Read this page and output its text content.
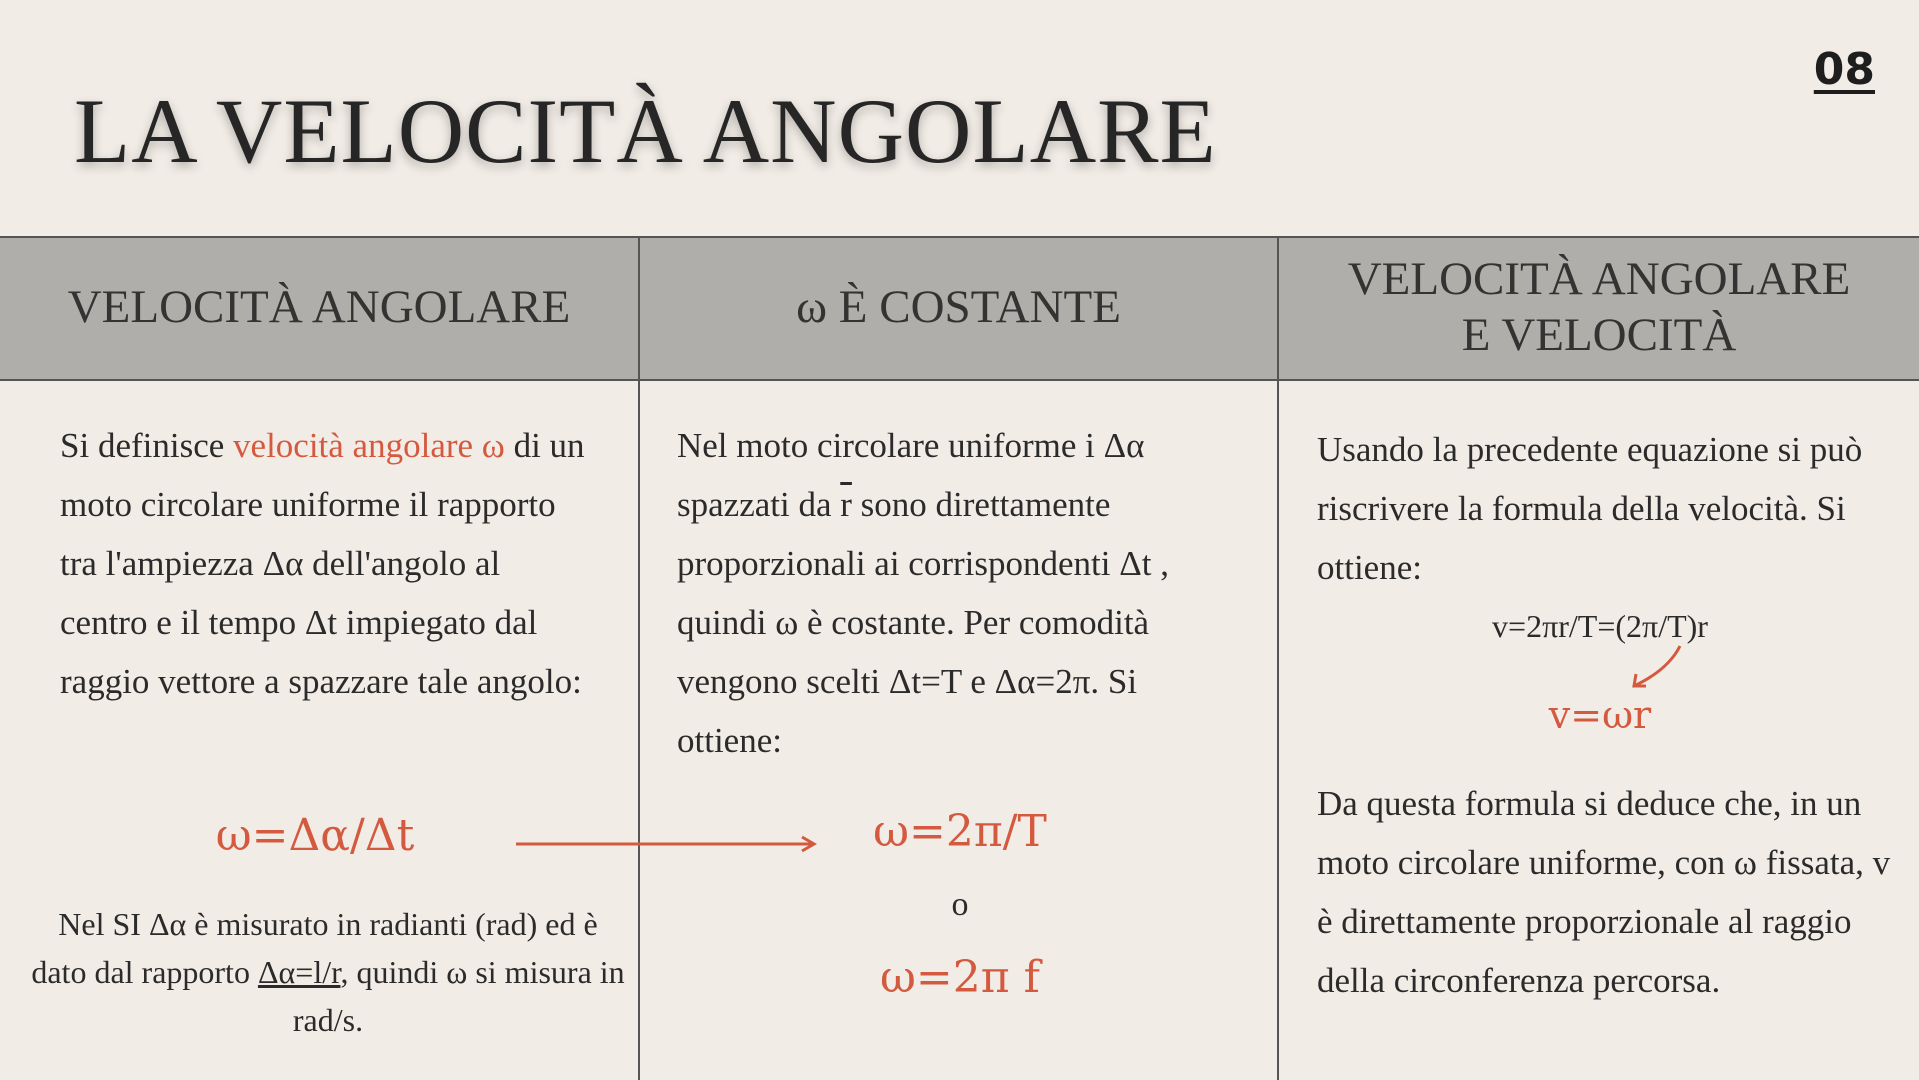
08
LA VELOCITÀ ANGOLARE
VELOCITÀ ANGOLARE
Si definisce velocità angolare ω di un moto circolare uniforme il rapporto tra l'ampiezza Δα dell'angolo al centro e il tempo Δt impiegato dal raggio vettore a spazzare tale angolo:
ω=Δα/Δt
Nel SI Δα è misurato in radianti (rad) ed è dato dal rapporto Δα=l/r, quindi ω si misura in rad/s.
ω È COSTANTE
Nel moto circolare uniforme i Δα spazzati da $\overline{r}$ sono direttamente proporzionali ai corrispondenti Δt , quindi ω è costante. Per comodità vengono scelti Δt=T e Δα=2π. Si ottiene:
ω=2π/T
o
ω=2π f
VELOCITÀ ANGOLARE
E VELOCITÀ
Usando la precedente equazione si può riscrivere la formula della velocità. Si ottiene:
v=2πr/T=(2π/T)r
v=ωr
Da questa formula si deduce che, in un moto circolare uniforme, con ω fissata, v è direttamente proporzionale al raggio della circonferenza percorsa.
